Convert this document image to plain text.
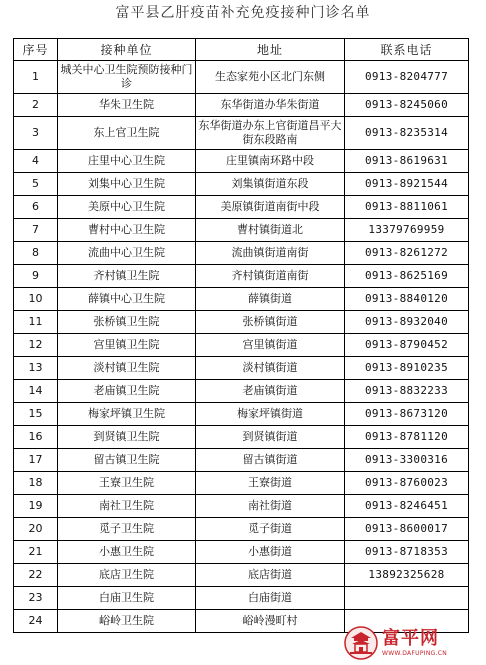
富平县乙肝疫苗补充免疫接种门诊名单
序号	接种单位	地址	联系电话
1	城关中心卫生院预防接种门诊	生态家苑小区北门东侧	0913-8204777
2	华朱卫生院	东华街道办华朱街道	0913-8245060
3	东上官卫生院	东华街道办东上官街道昌平大街东段路南	0913-8235314
4	庄里中心卫生院	庄里镇南环路中段	0913-8619631
5	刘集中心卫生院	刘集镇街道东段	0913-8921544
6	美原中心卫生院	美原镇街道南街中段	0913-8811061
7	曹村中心卫生院	曹村镇街道北	13379769959
8	流曲中心卫生院	流曲镇街道南街	0913-8261272
9	齐村镇卫生院	齐村镇街道南街	0913-8625169
10	薛镇中心卫生院	薛镇街道	0913-8840120
11	张桥镇卫生院	张桥镇街道	0913-8932040
12	宫里镇卫生院	宫里镇街道	0913-8790452
13	淡村镇卫生院	淡村镇街道	0913-8910235
14	老庙镇卫生院	老庙镇街道	0913-8832233
15	梅家坪镇卫生院	梅家坪镇街道	0913-8673120
16	到贤镇卫生院	到贤镇街道	0913-8781120
17	留古镇卫生院	留古镇街道	0913-3300316
18	王寮卫生院	王寮街道	0913-8760023
19	南社卫生院	南社街道	0913-8246451
20	觅子卫生院	觅子街道	0913-8600017
21	小惠卫生院	小惠街道	0913-8718353
22	底店卫生院	底店街道	13892325628
23	白庙卫生院	白庙街道	
24	峪岭卫生院	峪岭漫町村	
富平网
WWW.DAFUPING.CN
